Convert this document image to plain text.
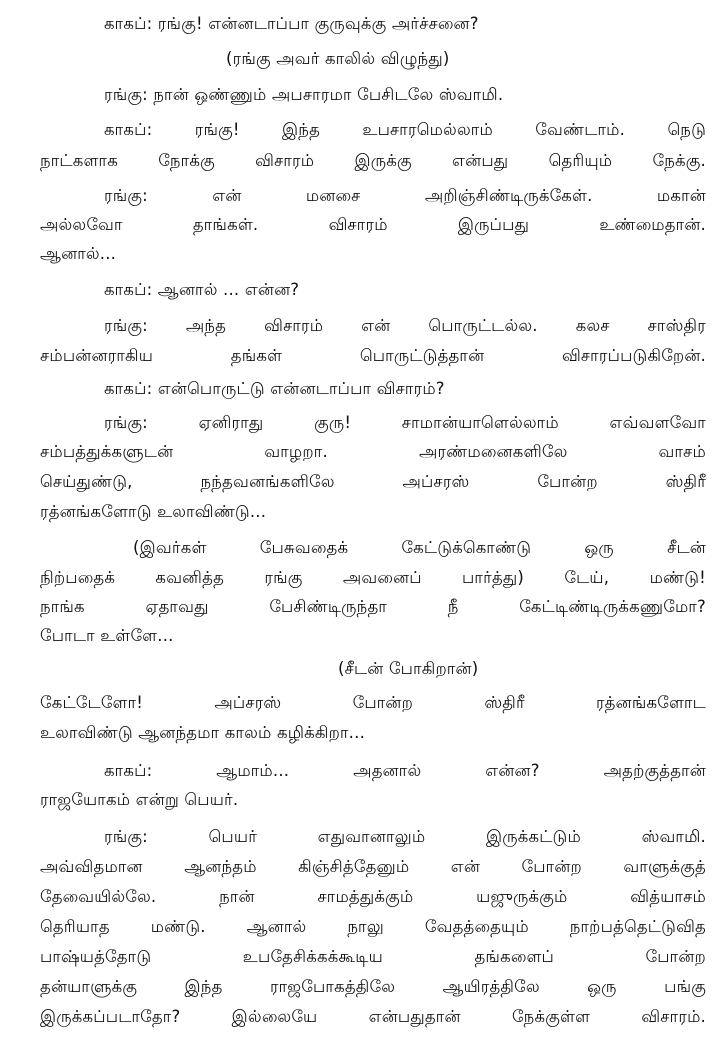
காகப்: ரங்கு! என்னடாப்பா குருவுக்கு அர்ச்சனை?
(ரங்கு அவர் காலில் விழுந்து)
ரங்கு: நான் ஒண்ணும் அபசாரமா பேசிடலே ஸ்வாமி.
காகப்: ரங்கு! இந்த உபசாரமெல்லாம் வேண்டாம். நெடு
நாட்களாக நோக்கு விசாரம் இருக்கு என்பது தெரியும் நேக்கு.
ரங்கு: என் மனசை அறிஞ்சிண்டிருக்கேள். மகான்
அல்லவோ தாங்கள். விசாரம் இருப்பது உண்மைதான்.
ஆனால்...
காகப்: ஆனால் ... என்ன?
ரங்கு: அந்த விசாரம் என் பொருட்டல்ல. கலச சாஸ்திர
சம்பன்னராகிய தங்கள் பொருட்டுத்தான் விசாரப்படுகிறேன்.
காகப்: என்பொருட்டு என்னடாப்பா விசாரம்?
ரங்கு: ஏனிராது குரு! சாமான்யாளெல்லாம் எவ்வளவோ
சம்பத்துக்களுடன் வாழறா. அரண்மனைகளிலே வாசம்
செய்துண்டு, நந்தவனங்களிலே அப்சரஸ் போன்ற ஸ்திரீ
ரத்னங்களோடு உலாவிண்டு...
(இவர்கள் பேசுவதைக் கேட்டுக்கொண்டு ஒரு சீடன்
நிற்பதைக் கவனித்த ரங்கு அவனைப் பார்த்து) டேய், மண்டு!
நாங்க ஏதாவது பேசிண்டிருந்தா நீ கேட்டிண்டிருக்கணுமோ?
போடா உள்ளே...
(சீடன் போகிறான்)
கேட்டேளோ! அப்சரஸ் போன்ற ஸ்திரீ ரத்னங்களோட
உலாவிண்டு ஆனந்தமா காலம் கழிக்கிறா...
காகப்: ஆமாம்... அதனால் என்ன? அதற்குத்தான்
ராஜயோகம் என்று பெயர்.
ரங்கு: பெயர் எதுவானாலும் இருக்கட்டும் ஸ்வாமி.
அவ்விதமான ஆனந்தம் கிஞ்சித்தேனும் என் போன்ற வாளுக்குத்
தேவையில்லே. நான் சாமத்துக்கும் யஜுருக்கும் வித்யாசம்
தெரியாத மண்டு. ஆனால் நாலு வேதத்தையும் நாற்பத்தெட்டுவித
பாஷ்யத்தோடு உபதேசிக்கக்கூடிய தங்களைப் போன்ற
தன்யாளுக்கு இந்த ராஜபோகத்திலே ஆயிரத்திலே ஒரு பங்கு
இருக்கப்படாதோ? இல்லையே என்பதுதான் நேக்குள்ள விசாரம்.
